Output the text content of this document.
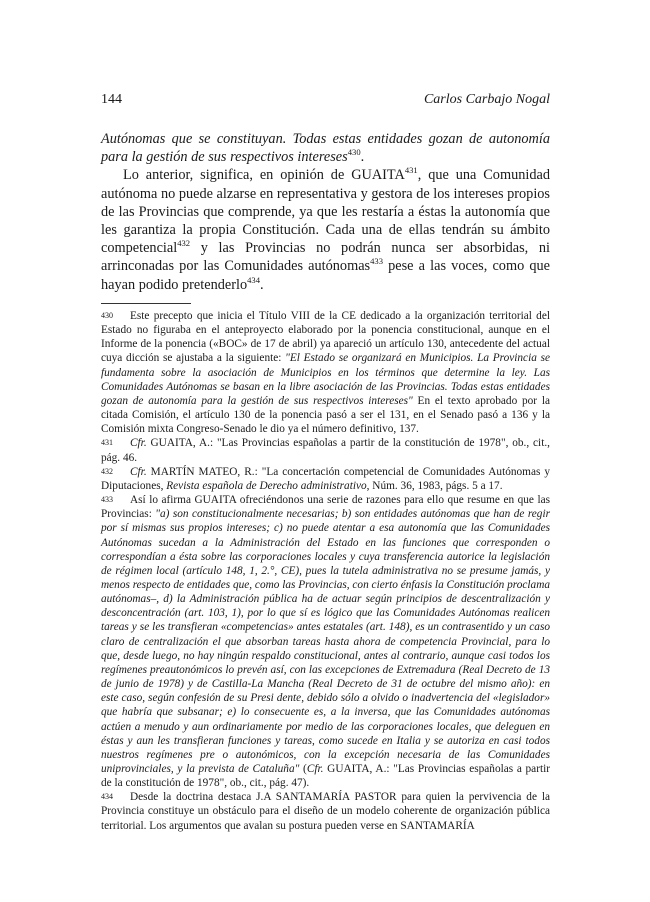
144	Carlos Carbajo Nogal

Autónomas que se constituyan. Todas estas entidades gozan de autonomía para la gestión de sus respectivos intereses$^{430}$.

Lo anterior, significa, en opinión de GUAITA$^{431}$, que una Comunidad autónoma no puede alzarse en representativa y gestora de los intereses propios de las Provincias que comprende, ya que les restaría a éstas la autonomía que les garantiza la propia Constitución. Cada una de ellas tendrán su ámbito competencial$^{432}$ y las Provincias no podrán nunca ser absorbidas, ni arrinconadas por las Comunidades autónomas$^{433}$ pese a las voces, como que hayan podido pretenderlo$^{434}$.

430 Este precepto que inicia el Título VIII de la CE dedicado a la organización territorial del Estado no figuraba en el anteproyecto elaborado por la ponencia constitucional, aunque en el Informe de la ponencia («BOC» de 17 de abril) ya apareció un artículo 130, antecedente del actual cuya dicción se ajustaba a la siguiente: "El Estado se organizará en Municipios. La Provincia se fundamenta sobre la asociación de Municipios en los términos que determine la ley. Las Comunidades Autónomas se basan en la libre asociación de las Provincias. Todas estas entidades gozan de autonomía para la gestión de sus respectivos intereses" En el texto aprobado por la citada Comisión, el artículo 130 de la ponencia pasó a ser el 131, en el Senado pasó a 136 y la Comisión mixta Congreso-Senado le dio ya el número definitivo, 137.

431 Cfr. GUAITA, A.: "Las Provincias españolas a partir de la constitución de 1978", ob., cit., pág. 46.

432 Cfr. MARTÍN MATEO, R.: "La concertación competencial de Comunidades Autónomas y Diputaciones, Revista española de Derecho administrativo, Núm. 36, 1983, págs. 5 a 17.

433 Así lo afirma GUAITA ofreciéndonos una serie de razones para ello que resume en que las Provincias: "a) son constitucionalmente necesarias; b) son entidades autónomas que han de regir por sí mismas sus propios intereses; c) no puede atentar a esa autonomía que las Comunidades Autónomas sucedan a la Administración del Estado en las funciones que corresponden o correspondían a ésta sobre las corporaciones locales y cuya transferencia autorice la legislación de régimen local (artículo 148, 1, 2.°, CE), pues la tutela administrativa no se presume jamás, y menos respecto de entidades que, como las Provincias, con cierto énfasis la Constitución proclama autónomas–, d) la Administración pública ha de actuar según principios de descentralización y desconcentración (art. 103, 1), por lo que sí es lógico que las Comunidades Autónomas realicen tareas y se les transfieran «competencias» antes estatales (art. 148), es un contrasentido y un caso claro de centralización el que absorban tareas hasta ahora de competencia Provincial, para lo que, desde luego, no hay ningún respaldo constitucional, antes al contrario, aunque casi todos los regímenes preautonómicos lo prevén así, con las excepciones de Extremadura (Real Decreto de 13 de junio de 1978) y de Castilla-La Mancha (Real Decreto de 31 de octubre del mismo año): en este caso, según confesión de su Presi dente, debido sólo a olvido o inadvertencia del «legislador» que habría que subsanar; e) lo consecuente es, a la inversa, que las Comunidades autónomas actúen a menudo y aun ordinariamente por medio de las corporaciones locales, que deleguen en éstas y aun les transfieran funciones y tareas, como sucede en Italia y se autoriza en casi todos nuestros regímenes pre o autonómicos, con la excepción necesaria de las Comunidades uniprovinciales, y la prevista de Cataluña" (Cfr. GUAITA, A.: "Las Provincias españolas a partir de la constitución de 1978", ob., cit., pág. 47).

434 Desde la doctrina destaca J.A SANTAMARÍA PASTOR para quien la pervivencia de la Provincia constituye un obstáculo para el diseño de un modelo coherente de organización pública territorial. Los argumentos que avalan su postura pueden verse en SANTAMARÍA
